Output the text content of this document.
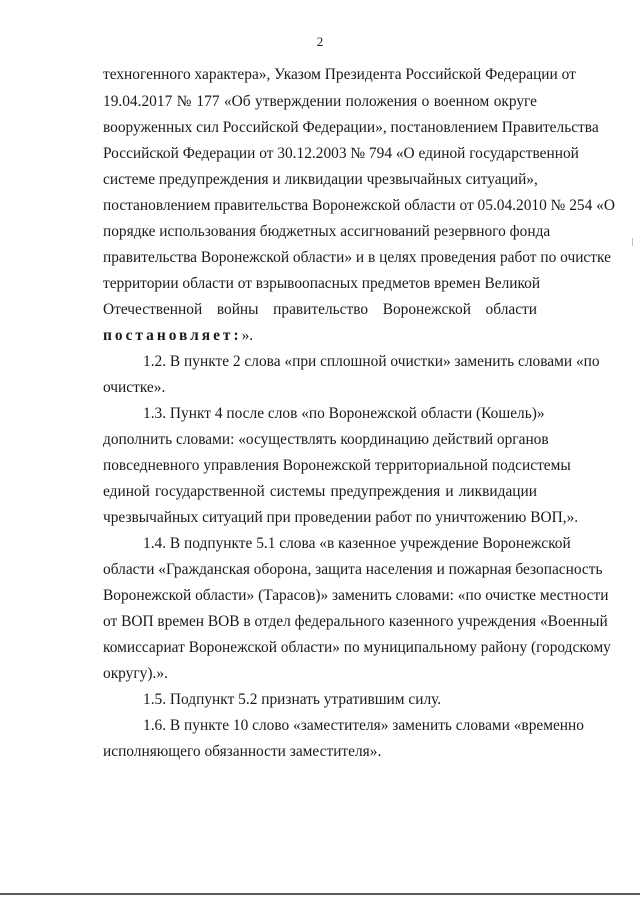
2
техногенного характера», Указом Президента Российской Федерации от
19.04.2017 № 177 «Об утверждении положения о военном округе
вооруженных сил Российской Федерации», постановлением Правительства
Российской Федерации от 30.12.2003 № 794 «О единой государственной
системе предупреждения и ликвидации чрезвычайных ситуаций»,
постановлением правительства Воронежской области от 05.04.2010 № 254 «О
порядке использования бюджетных ассигнований резервного фонда
правительства Воронежской области» и в целях проведения работ по очистке
территории области от взрывоопасных предметов времен Великой
Отечественной войны правительство Воронежской области
постановляет:».
1.2. В пункте 2 слова «при сплошной очистки» заменить словами «по
очистке».
1.3. Пункт 4 после слов «по Воронежской области (Кошель)»
дополнить словами: «осуществлять координацию действий органов
повседневного управления Воронежской территориальной подсистемы
единой государственной системы предупреждения и ликвидации
чрезвычайных ситуаций при проведении работ по уничтожению ВОП,».
1.4. В подпункте 5.1 слова «в казенное учреждение Воронежской
области «Гражданская оборона, защита населения и пожарная безопасность
Воронежской области» (Тарасов)» заменить словами: «по очистке местности
от ВОП времен ВОВ в отдел федерального казенного учреждения «Военный
комиссариат Воронежской области» по муниципальному району (городскому
округу).».
1.5. Подпункт 5.2 признать утратившим силу.
1.6. В пункте 10 слово «заместителя» заменить словами «временно
исполняющего обязанности заместителя».
